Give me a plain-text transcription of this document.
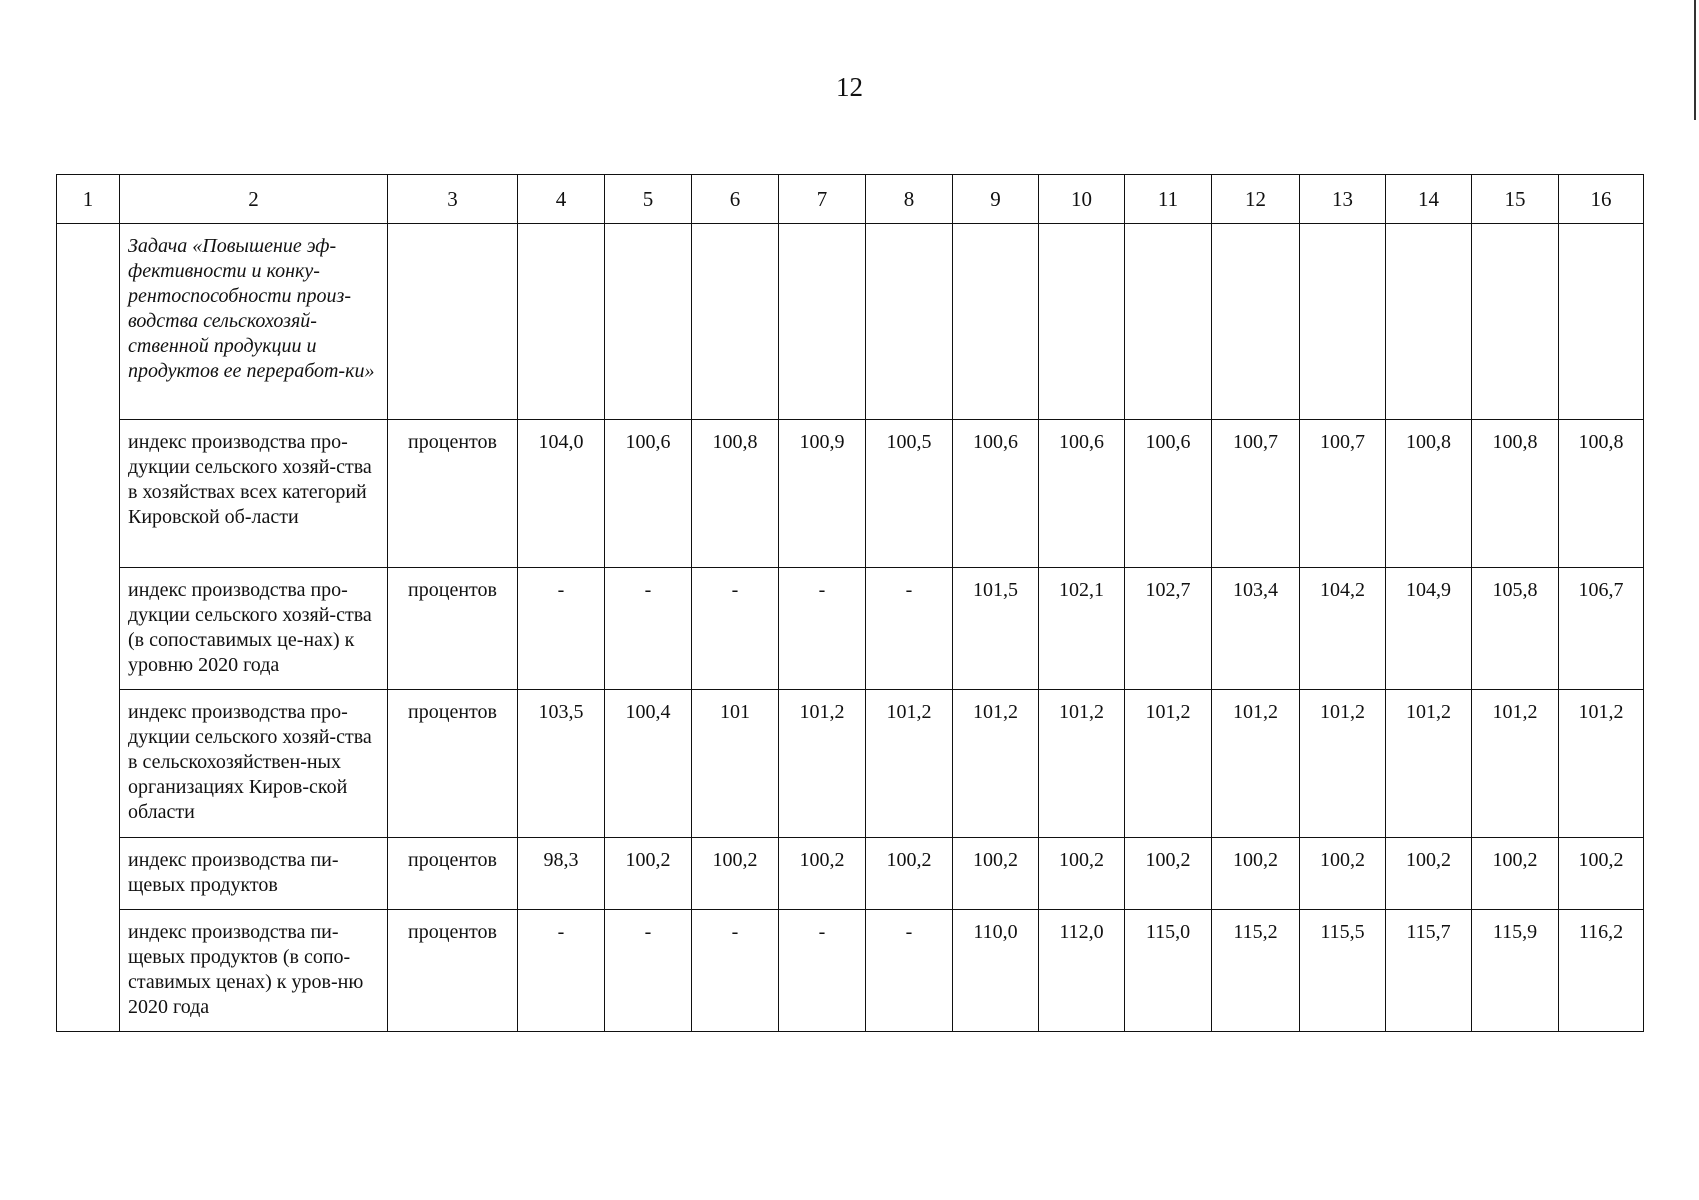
12
1	2	3	4	5	6	7	8	9	10	11	12	13	14	15	16
	Задача «Повышение эф-фективности и конку-рентоспособности произ-водства сельскохозяй-ственной продукции и продуктов ее переработ-ки»														
	индекс производства про-дукции сельского хозяй-ства в хозяйствах всех категорий Кировской об-ласти	процентов	104,0	100,6	100,8	100,9	100,5	100,6	100,6	100,6	100,7	100,7	100,8	100,8	100,8
	индекс производства про-дукции сельского хозяй-ства (в сопоставимых це-нах) к уровню 2020 года	процентов	-	-	-	-	-	101,5	102,1	102,7	103,4	104,2	104,9	105,8	106,7
	индекс производства про-дукции сельского хозяй-ства в сельскохозяйствен-ных организациях Киров-ской области	процентов	103,5	100,4	101	101,2	101,2	101,2	101,2	101,2	101,2	101,2	101,2	101,2	101,2
	индекс производства пи-щевых продуктов	процентов	98,3	100,2	100,2	100,2	100,2	100,2	100,2	100,2	100,2	100,2	100,2	100,2	100,2
	индекс производства пи-щевых продуктов (в сопо-ставимых ценах) к уров-ню 2020 года	процентов	-	-	-	-	-	110,0	112,0	115,0	115,2	115,5	115,7	115,9	116,2
